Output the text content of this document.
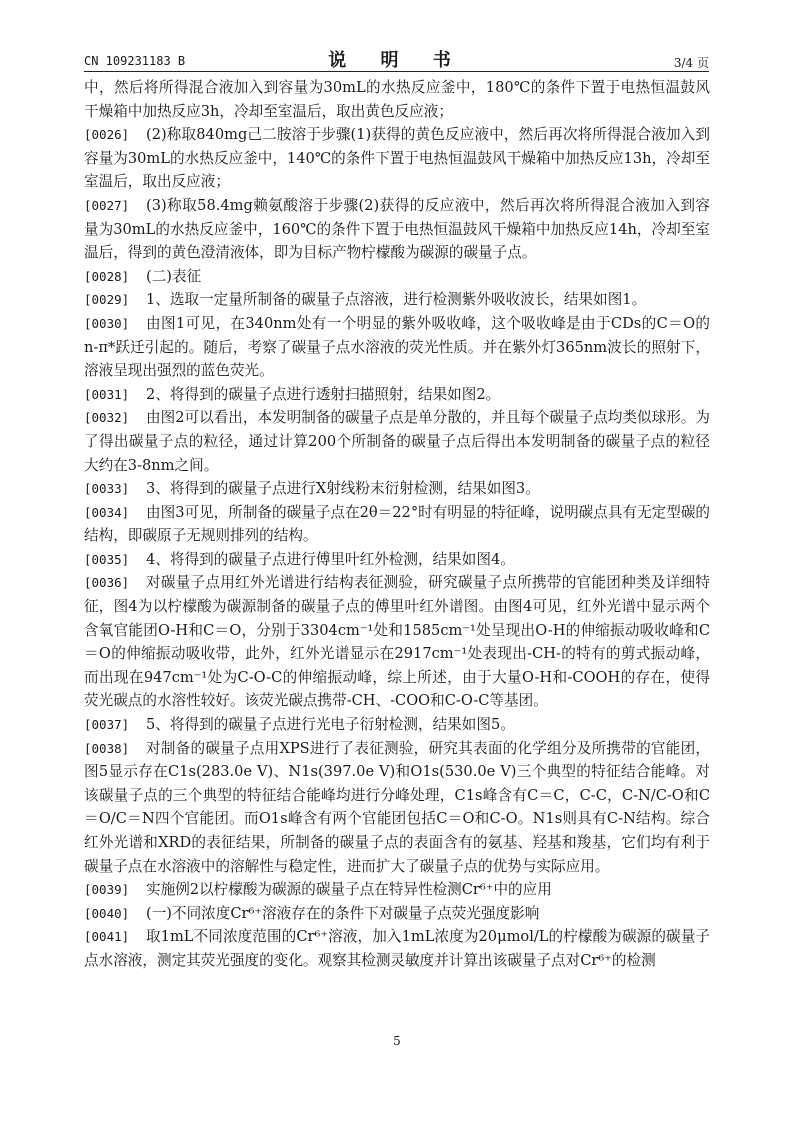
CN 109231183 B	说 明 书	3/4 页
中，然后将所得混合液加入到容量为30mL的水热反应釜中，180℃的条件下置于电热恒温鼓风干燥箱中加热反应3h，冷却至室温后，取出黄色反应液；
[0026]	(2)称取840mg己二胺溶于步骤(1)获得的黄色反应液中，然后再次将所得混合液加入到容量为30mL的水热反应釜中，140℃的条件下置于电热恒温鼓风干燥箱中加热反应13h，冷却至室温后，取出反应液；
[0027]	(3)称取58.4mg赖氨酸溶于步骤(2)获得的反应液中，然后再次将所得混合液加入到容量为30mL的水热反应釜中，160℃的条件下置于电热恒温鼓风干燥箱中加热反应14h，冷却至室温后，得到的黄色澄清液体，即为目标产物柠檬酸为碳源的碳量子点。
[0028]	(二)表征
[0029]	1、选取一定量所制备的碳量子点溶液，进行检测紫外吸收波长，结果如图1。
[0030]	由图1可见，在340nm处有一个明显的紫外吸收峰，这个吸收峰是由于CDs的C＝O的n-π*跃迁引起的。随后，考察了碳量子点水溶液的荧光性质。并在紫外灯365nm波长的照射下，溶液呈现出强烈的蓝色荧光。
[0031]	2、将得到的碳量子点进行透射扫描照射，结果如图2。
[0032]	由图2可以看出，本发明制备的碳量子点是单分散的，并且每个碳量子点均类似球形。为了得出碳量子点的粒径，通过计算200个所制备的碳量子点后得出本发明制备的碳量子点的粒径大约在3-8nm之间。
[0033]	3、将得到的碳量子点进行X射线粉末衍射检测，结果如图3。
[0034]	由图3可见，所制备的碳量子点在2θ＝22°时有明显的特征峰，说明碳点具有无定型碳的结构，即碳原子无规则排列的结构。
[0035]	4、将得到的碳量子点进行傅里叶红外检测，结果如图4。
[0036]	对碳量子点用红外光谱进行结构表征测验，研究碳量子点所携带的官能团种类及详细特征，图4为以柠檬酸为碳源制备的碳量子点的傅里叶红外谱图。由图4可见，红外光谱中显示两个含氧官能团O-H和C＝O，分别于3304cm⁻¹处和1585cm⁻¹处呈现出O-H的伸缩振动吸收峰和C＝O的伸缩振动吸收带，此外，红外光谱显示在2917cm⁻¹处表现出-CH-的特有的剪式振动峰，而出现在947cm⁻¹处为C-O-C的伸缩振动峰，综上所述，由于大量O-H和-COOH的存在，使得荧光碳点的水溶性较好。该荧光碳点携带-CH、-COO和C-O-C等基团。
[0037]	5、将得到的碳量子点进行光电子衍射检测，结果如图5。
[0038]	对制备的碳量子点用XPS进行了表征测验，研究其表面的化学组分及所携带的官能团，图5显示存在C1s(283.0e V)、N1s(397.0e V)和O1s(530.0e V)三个典型的特征结合能峰。对该碳量子点的三个典型的特征结合能峰均进行分峰处理，C1s峰含有C＝C，C-C，C-N/C-O和C＝O/C＝N四个官能团。而O1s峰含有两个官能团包括C＝O和C-O。N1s则具有C-N结构。综合红外光谱和XRD的表征结果，所制备的碳量子点的表面含有的氨基、羟基和羧基，它们均有利于碳量子点在水溶液中的溶解性与稳定性，进而扩大了碳量子点的优势与实际应用。
[0039]	实施例2以柠檬酸为碳源的碳量子点在特异性检测Cr⁶⁺中的应用
[0040]	(一)不同浓度Cr⁶⁺溶液存在的条件下对碳量子点荧光强度影响
[0041]	取1mL不同浓度范围的Cr⁶⁺溶液，加入1mL浓度为20μmol/L的柠檬酸为碳源的碳量子点水溶液，测定其荧光强度的变化。观察其检测灵敏度并计算出该碳量子点对Cr⁶⁺的检测
5
